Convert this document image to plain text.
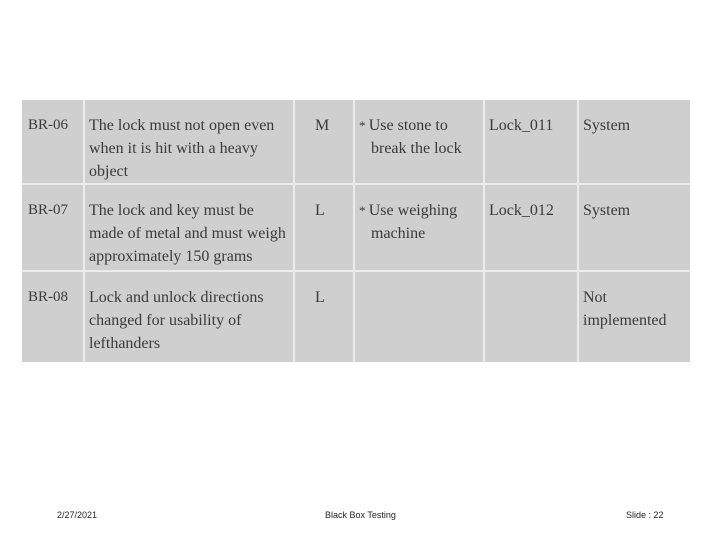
BR-06	The lock must not open even when it is hit with a heavy object	M	* Use stone to break the lock	Lock_011	System
BR-07	The lock and key must be made of metal and must weigh approximately 150 grams	L	* Use weighing machine	Lock_012	System
BR-08	Lock and unlock directions changed for usability of lefthanders	L			Not implemented
2/27/2021	Black Box Testing	Slide : 22
